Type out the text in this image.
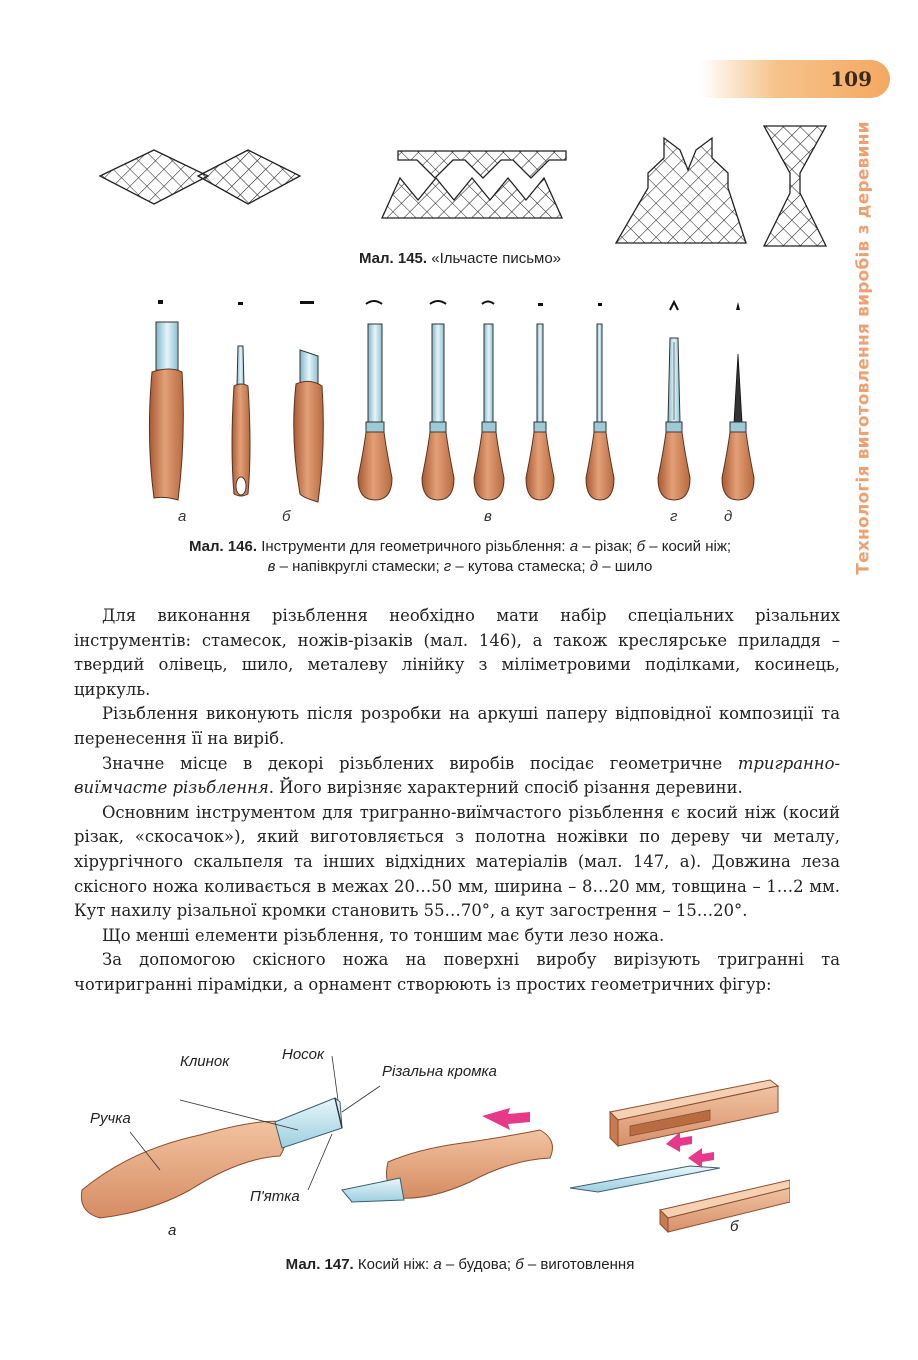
109
Технологія виготовлення виробів з деревини
Мал. 145. «Ільчасте письмо»
а	б	в	г	д
Мал. 146. Інструменти для геометричного різьблення: а – різак; б – косий ніж;
в – напівкруглі стамески; г – кутова стамеска; д – шило

Для виконання різьблення необхідно мати набір спеціальних різальних інструментів: стамесок, ножів-різаків (мал. 146), а також креслярське приладдя – твердий олівець, шило, металеву лінійку з міліметровими поділками, косинець, циркуль.

Різьблення виконують після розробки на аркуші паперу відповідної композиції та перенесення її на виріб.

Значне місце в декорі різьблених виробів посідає геометричне тригранно-виїмчасте різьблення. Його вирізняє характерний спосіб різання деревини.

Основним інструментом для тригранно-виїмчастого різьблення є косий ніж (косий різак, «скосачок»), який виготовляється з полотна ножівки по дереву чи металу, хірургічного скальпеля та інших відхідних матеріалів (мал. 147, а). Довжина леза скісного ножа коливається в межах 20…50 мм, ширина – 8…20 мм, товщина – 1…2 мм. Кут нахилу різальної кромки становить 55…70°, а кут загострення – 15…20°.

Що менші елементи різьблення, то тоншим має бути лезо ножа.

За допомогою скісного ножа на поверхні виробу вирізують тригранні та чотиригранні пірамідки, а орнамент створюють із простих геометричних фігур:

Клинок	Носок
Різальна кромка
Ручка
П'ятка
а	б
Мал. 147. Косий ніж: а – будова; б – виготовлення
